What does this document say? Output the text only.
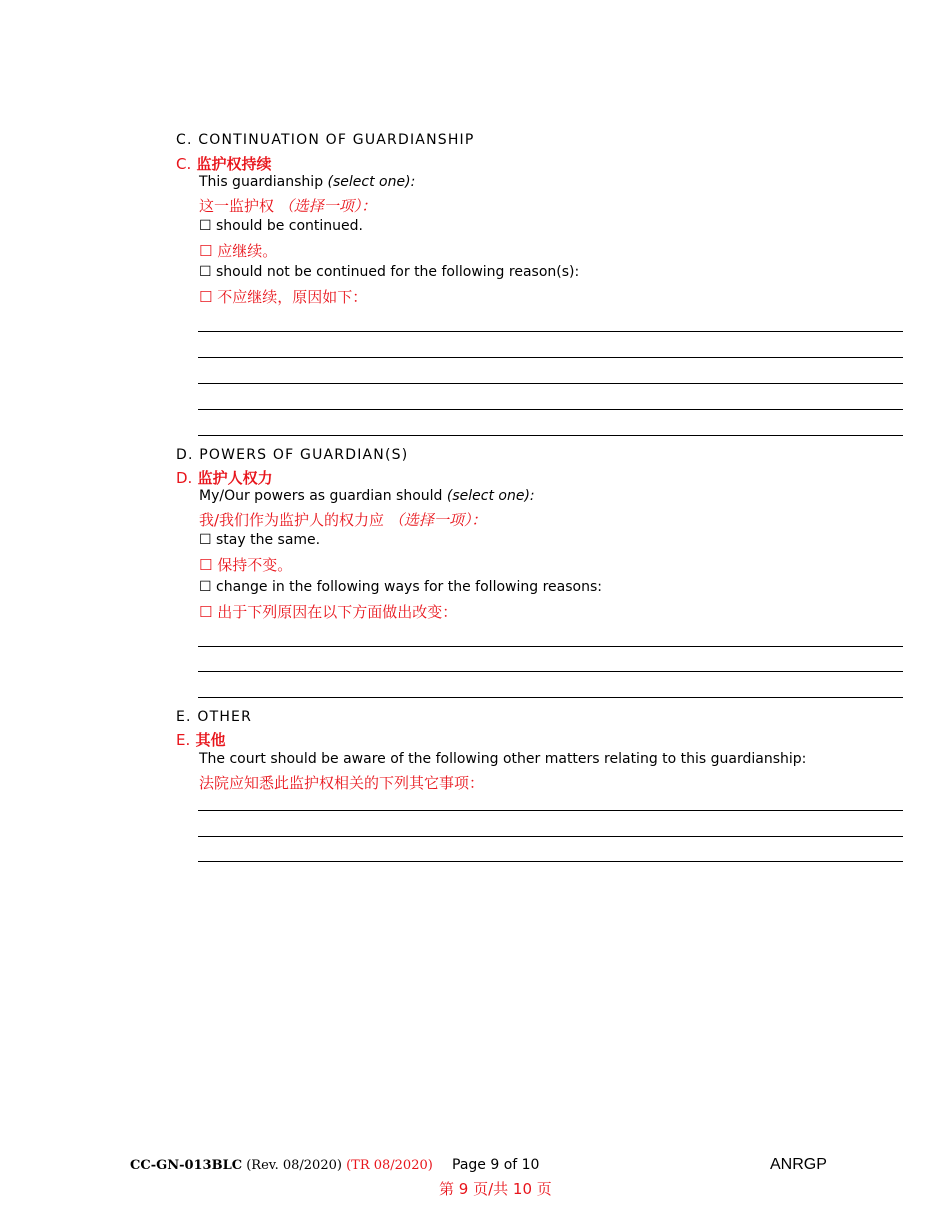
C. CONTINUATION OF GUARDIANSHIP
C. 监护权持续
This guardianship (select one):
这一监护权 （选择一项）：
☐ should be continued.
☐ 应继续。
☐ should not be continued for the following reason(s):
☐ 不应继续，原因如下：
D. POWERS OF GUARDIAN(S)
D. 监护人权力
My/Our powers as guardian should (select one):
我/我们作为监护人的权力应 （选择一项）：
☐ stay the same.
☐ 保持不变。
☐ change in the following ways for the following reasons:
☐ 出于下列原因在以下方面做出改变：
E. OTHER
E. 其他
The court should be aware of the following other matters relating to this guardianship:
法院应知悉此监护权相关的下列其它事项：
CC-GN-013BLC (Rev. 08/2020) (TR 08/2020) Page 9 of 10
第 9 页/共 10 页
ANRGP
